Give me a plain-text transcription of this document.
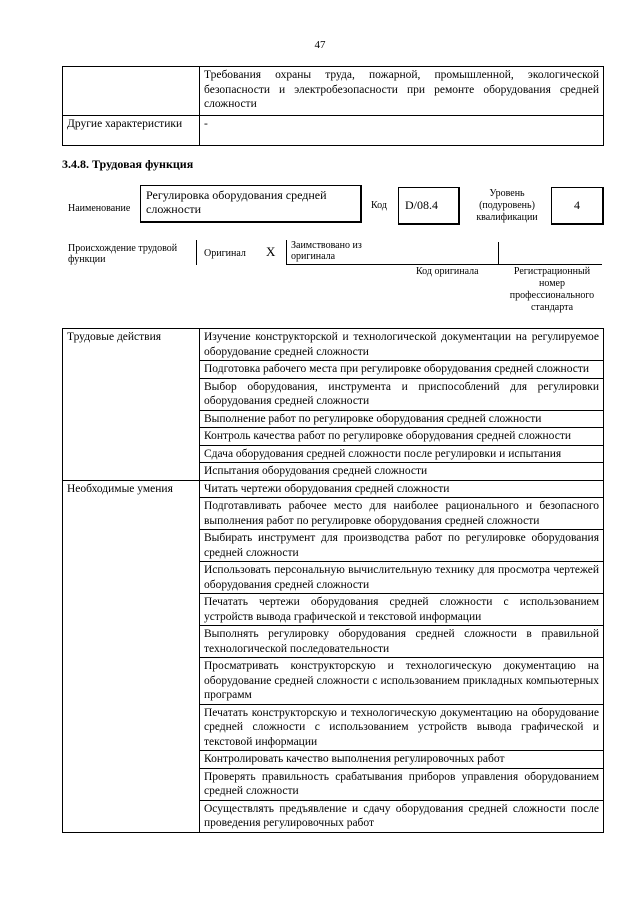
47
	Требования охраны труда, пожарной, промышленной, экологической безопасности и электробезопасности при ремонте оборудования средней сложности
Другие характеристики	-
3.4.8. Трудовая функция
Наименование
Регулировка оборудования средней сложности	Код	D/08.4
Уровень (подуровень) квалификации
4
Происхождение трудовой функции
Оригинал X Заимствовано из оригинала
Код оригинала	Регистрационный номер профессионального стандарта
Трудовые действия	Изучение конструкторской и технологической документации на регулируемое оборудование средней сложности
	Подготовка рабочего места при регулировке оборудования средней сложности
	Выбор оборудования, инструмента и приспособлений для регулировки оборудования средней сложности
	Выполнение работ по регулировке оборудования средней сложности
	Контроль качества работ по регулировке оборудования средней сложности
	Сдача оборудования средней сложности после регулировки и испытания
	Испытания оборудования средней сложности
Необходимые умения	Читать чертежи оборудования средней сложности
	Подготавливать рабочее место для наиболее рационального и безопасного выполнения работ по регулировке оборудования средней сложности
	Выбирать инструмент для производства работ по регулировке оборудования средней сложности
	Использовать персональную вычислительную технику для просмотра чертежей оборудования средней сложности
	Печатать чертежи оборудования средней сложности с использованием устройств вывода графической и текстовой информации
	Выполнять регулировку оборудования средней сложности в правильной технологической последовательности
	Просматривать конструкторскую и технологическую документацию на оборудование средней сложности с использованием прикладных компьютерных программ
	Печатать конструкторскую и технологическую документацию на оборудование средней сложности с использованием устройств вывода графической и текстовой информации
	Контролировать качество выполнения регулировочных работ
	Проверять правильность срабатывания приборов управления оборудованием средней сложности
	Осуществлять предъявление и сдачу оборудования средней сложности после проведения регулировочных работ
